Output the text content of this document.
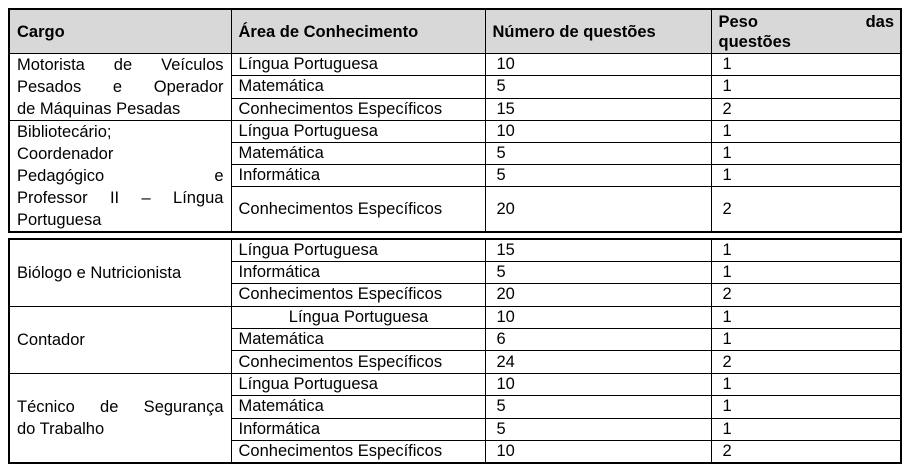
Cargo	Área de Conhecimento	Número de questões	Peso das
questões

Motorista de Veículos
Pesados e Operador
de Máquinas Pesadas	Língua Portuguesa	10	1
	Matemática	5	1
	Conhecimentos Específicos	15	2

Bibliotecário;
Coordenador
Pedagógico e
Professor II – Língua
Portuguesa	Língua Portuguesa	10	1
	Matemática	5	1
	Informática	5	1
	Conhecimentos Específicos	20	2
Biólogo e Nutricionista	Língua Portuguesa	15	1
	Informática	5	1
	Conhecimentos Específicos	20	2

Contador	Língua Portuguesa	10	1
	Matemática	6	1
	Conhecimentos Específicos	24	2

Técnico de Segurança
do Trabalho	Língua Portuguesa	10	1
	Matemática	5	1
	Informática	5	1
	Conhecimentos Específicos	10	2
